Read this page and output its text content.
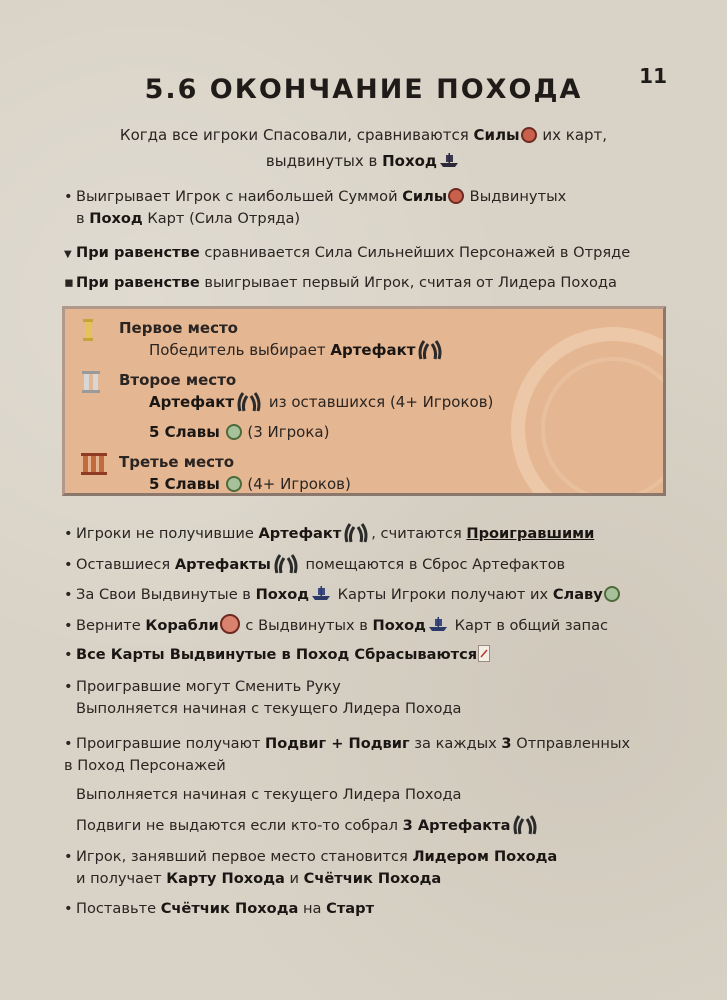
11
5.6 ОКОНЧАНИЕ ПОХОДА
Когда все игроки Спасовали, сравниваются Силы их карт,
выдвинутых в Поход
• Выигрывает Игрок с наибольшей Суммой Силы Выдвинутых
в Поход Карт (Сила Отряда)
▼ При равенстве сравнивается Сила Сильнейших Персонажей в Отряде
▪ При равенстве выигрывает первый Игрок, считая от Лидера Похода
Первое место
Победитель выбирает Артефакт
Второе место
Артефакт из оставшихся (4+ Игроков)
5 Славы  (3 Игрока)
Третье место
5 Славы  (4+ Игроков)
• Игроки не получившие Артефакт , считаются Проигравшими
• Оставшиеся Артефакты помещаются в Сброс Артефактов
• За Свои Выдвинутые в Поход Карты Игроки получают их Славу
• Верните Корабли с Выдвинутых в Поход Карт в общий запас
• Все Карты Выдвинутые в Поход Сбрасываются
• Проигравшие могут Сменить Руку
Выполняется начиная с текущего Лидера Похода
• Проигравшие получают Подвиг + Подвиг за каждых 3 Отправленных
в Поход Персонажей
Выполняется начиная с текущего Лидера Похода
Подвиги не выдаются если кто-то собрал 3 Артефакта
• Игрок, занявший первое место становится Лидером Похода
и получает Карту Похода и Счётчик Похода
• Поставьте Счётчик Похода на Старт
